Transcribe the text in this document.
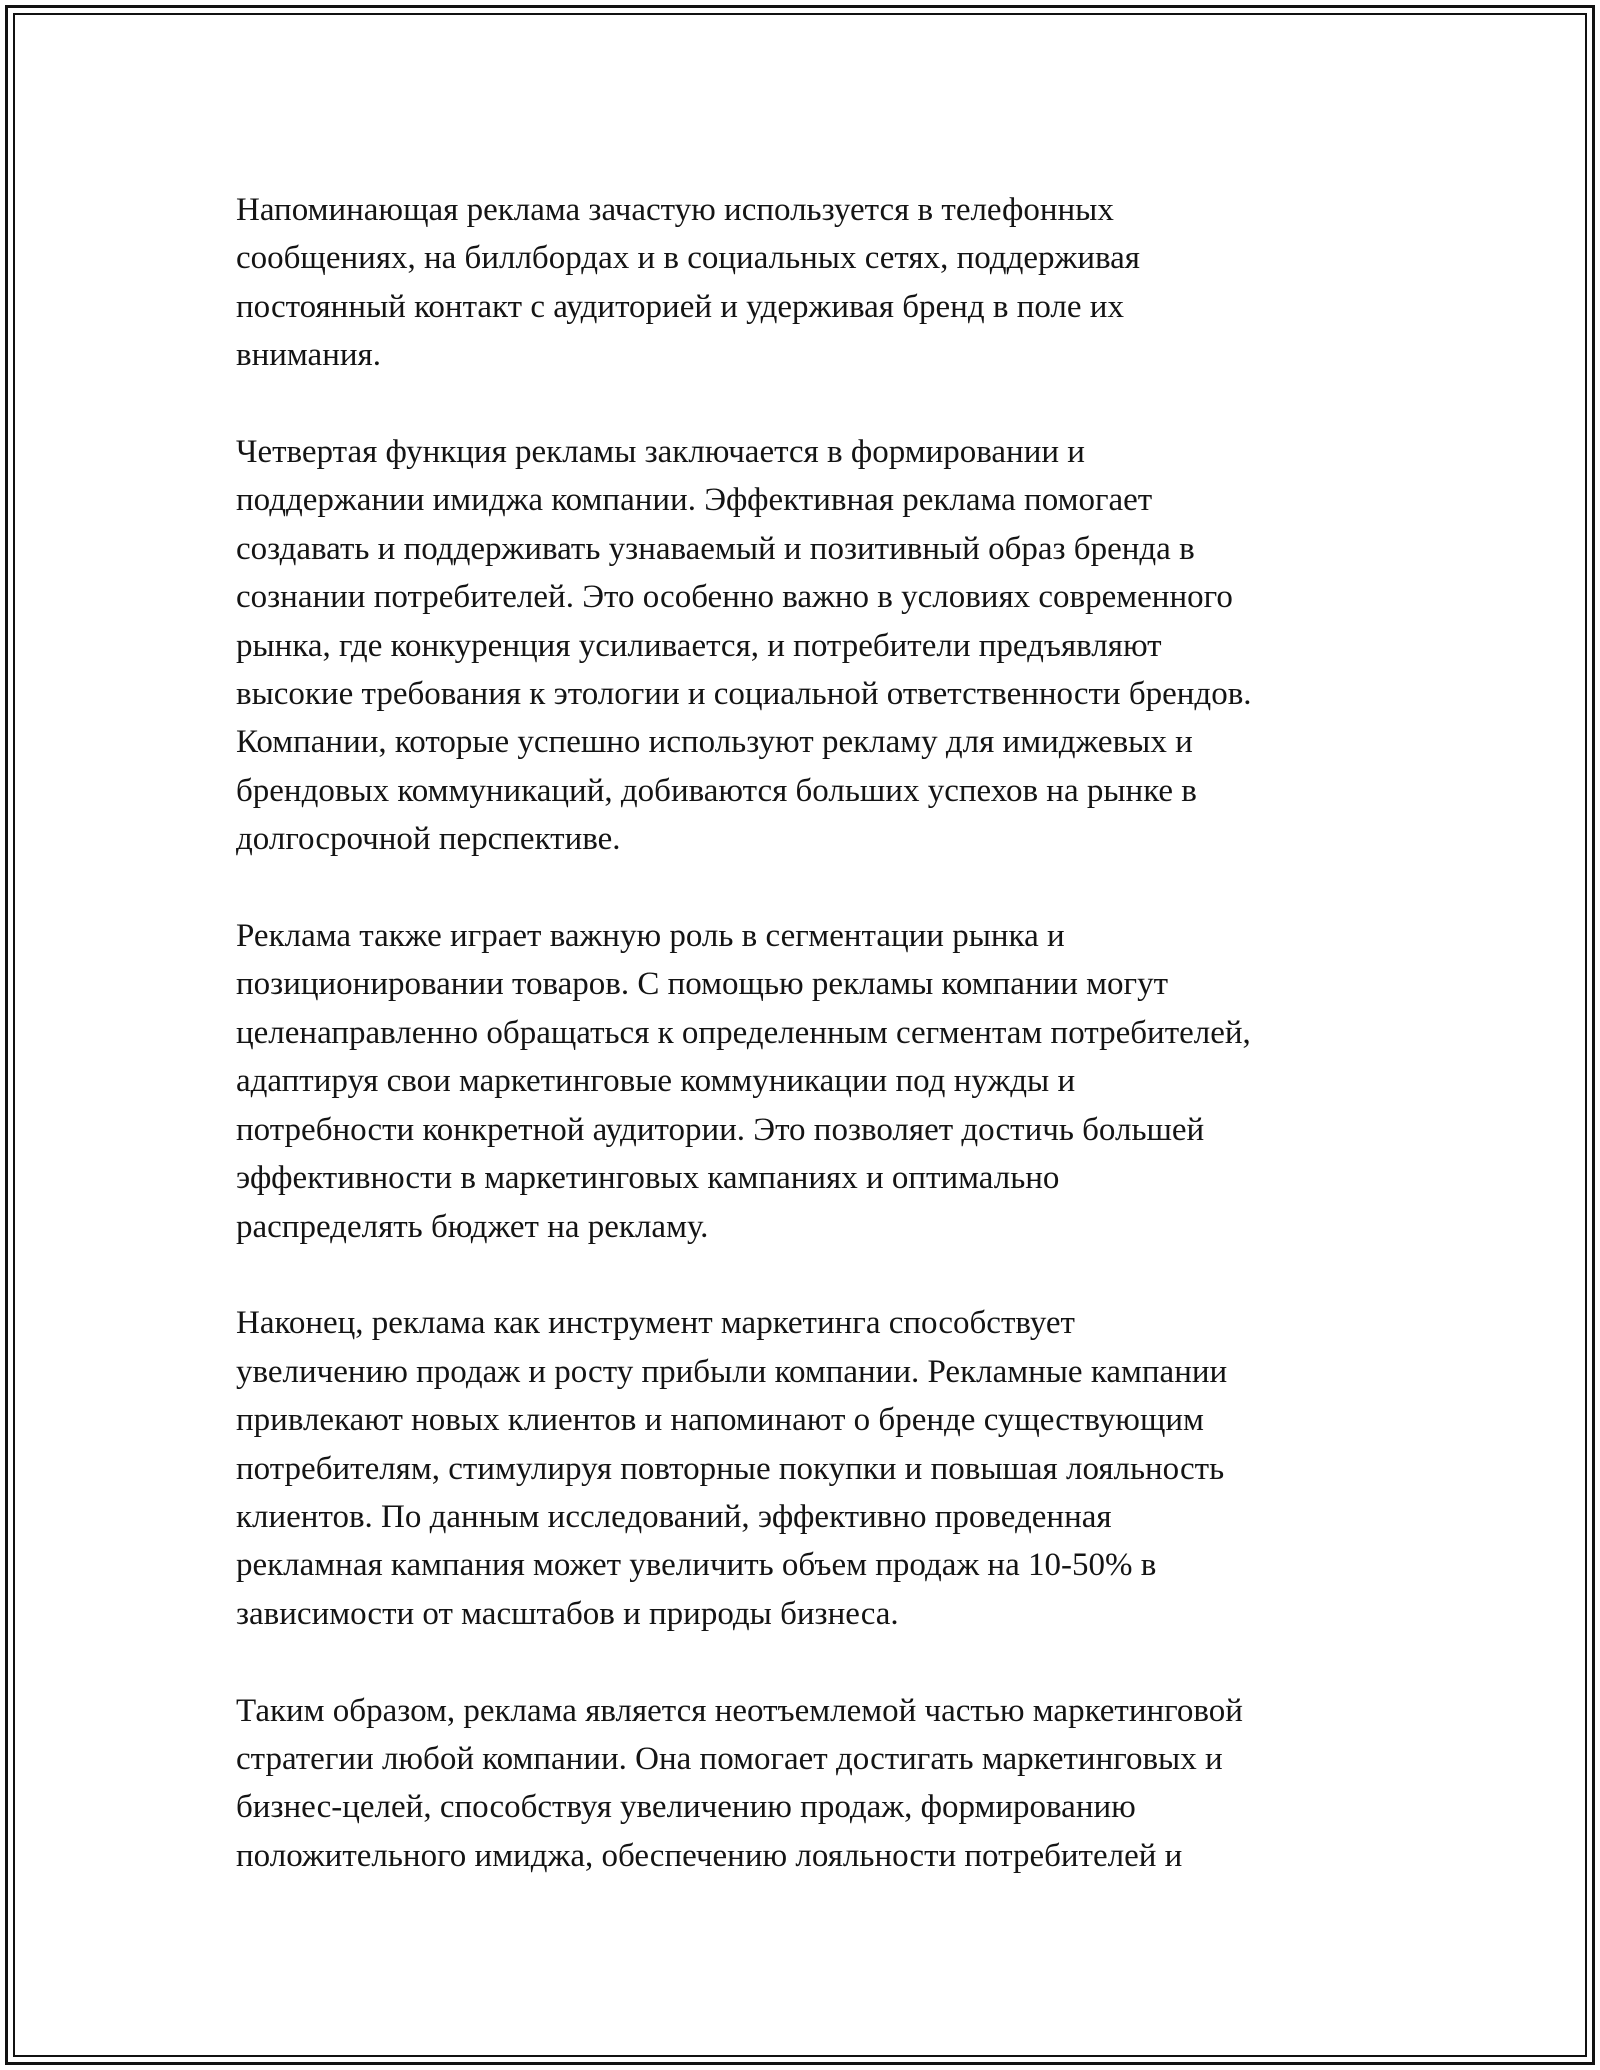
Напоминающая реклама зачастую используется в телефонных
сообщениях, на биллбордах и в социальных сетях, поддерживая
постоянный контакт с аудиторией и удерживая бренд в поле их
внимания.

Четвертая функция рекламы заключается в формировании и
поддержании имиджа компании. Эффективная реклама помогает
создавать и поддерживать узнаваемый и позитивный образ бренда в
сознании потребителей. Это особенно важно в условиях современного
рынка, где конкуренция усиливается, и потребители предъявляют
высокие требования к этологии и социальной ответственности брендов.
Компании, которые успешно используют рекламу для имиджевых и
брендовых коммуникаций, добиваются больших успехов на рынке в
долгосрочной перспективе.

Реклама также играет важную роль в сегментации рынка и
позиционировании товаров. С помощью рекламы компании могут
целенаправленно обращаться к определенным сегментам потребителей,
адаптируя свои маркетинговые коммуникации под нужды и
потребности конкретной аудитории. Это позволяет достичь большей
эффективности в маркетинговых кампаниях и оптимально
распределять бюджет на рекламу.

Наконец, реклама как инструмент маркетинга способствует
увеличению продаж и росту прибыли компании. Рекламные кампании
привлекают новых клиентов и напоминают о бренде существующим
потребителям, стимулируя повторные покупки и повышая лояльность
клиентов. По данным исследований, эффективно проведенная
рекламная кампания может увеличить объем продаж на 10-50% в
зависимости от масштабов и природы бизнеса.

Таким образом, реклама является неотъемлемой частью маркетинговой
стратегии любой компании. Она помогает достигать маркетинговых и
бизнес-целей, способствуя увеличению продаж, формированию
положительного имиджа, обеспечению лояльности потребителей и
